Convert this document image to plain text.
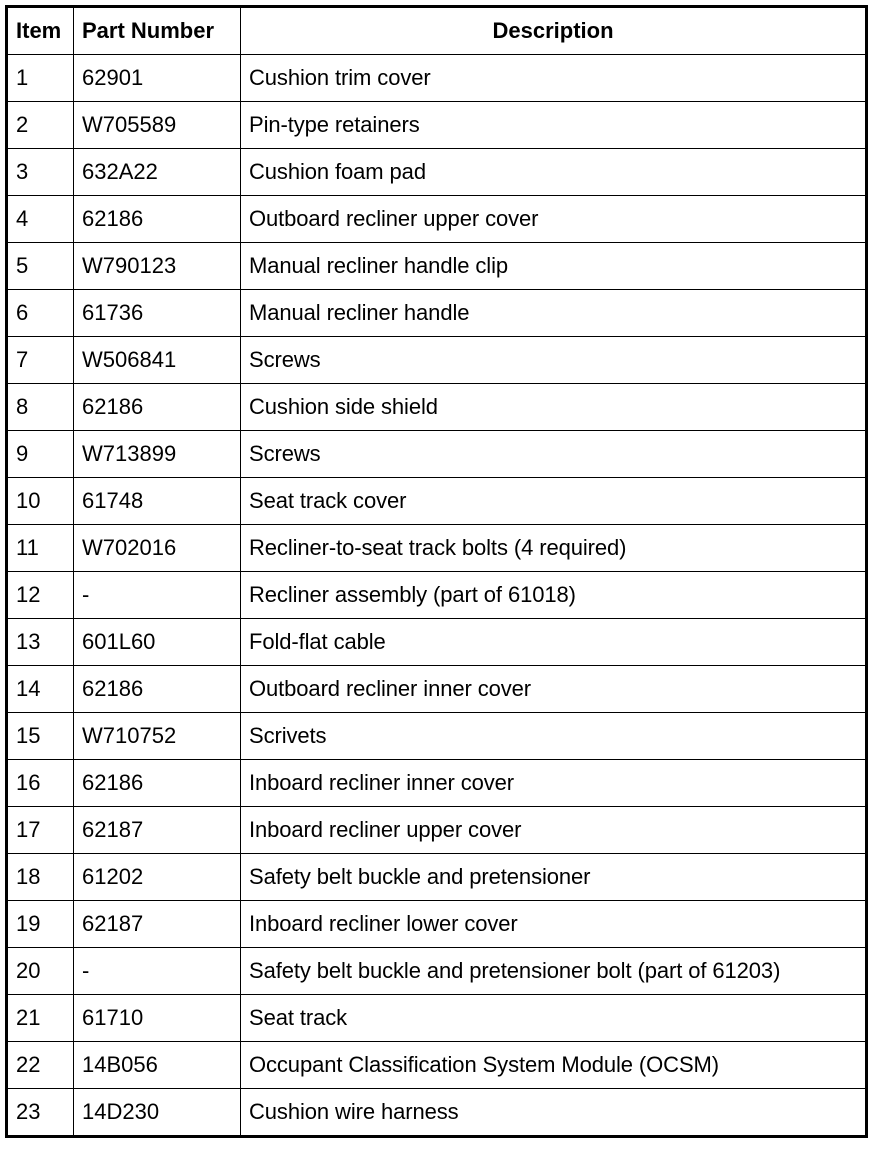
Item	Part Number	Description
1	62901	Cushion trim cover
2	W705589	Pin-type retainers
3	632A22	Cushion foam pad
4	62186	Outboard recliner upper cover
5	W790123	Manual recliner handle clip
6	61736	Manual recliner handle
7	W506841	Screws
8	62186	Cushion side shield
9	W713899	Screws
10	61748	Seat track cover
11	W702016	Recliner-to-seat track bolts (4 required)
12	-	Recliner assembly (part of 61018)
13	601L60	Fold-flat cable
14	62186	Outboard recliner inner cover
15	W710752	Scrivets
16	62186	Inboard recliner inner cover
17	62187	Inboard recliner upper cover
18	61202	Safety belt buckle and pretensioner
19	62187	Inboard recliner lower cover
20	-	Safety belt buckle and pretensioner bolt (part of 61203)
21	61710	Seat track
22	14B056	Occupant Classification System Module (OCSM)
23	14D230	Cushion wire harness
